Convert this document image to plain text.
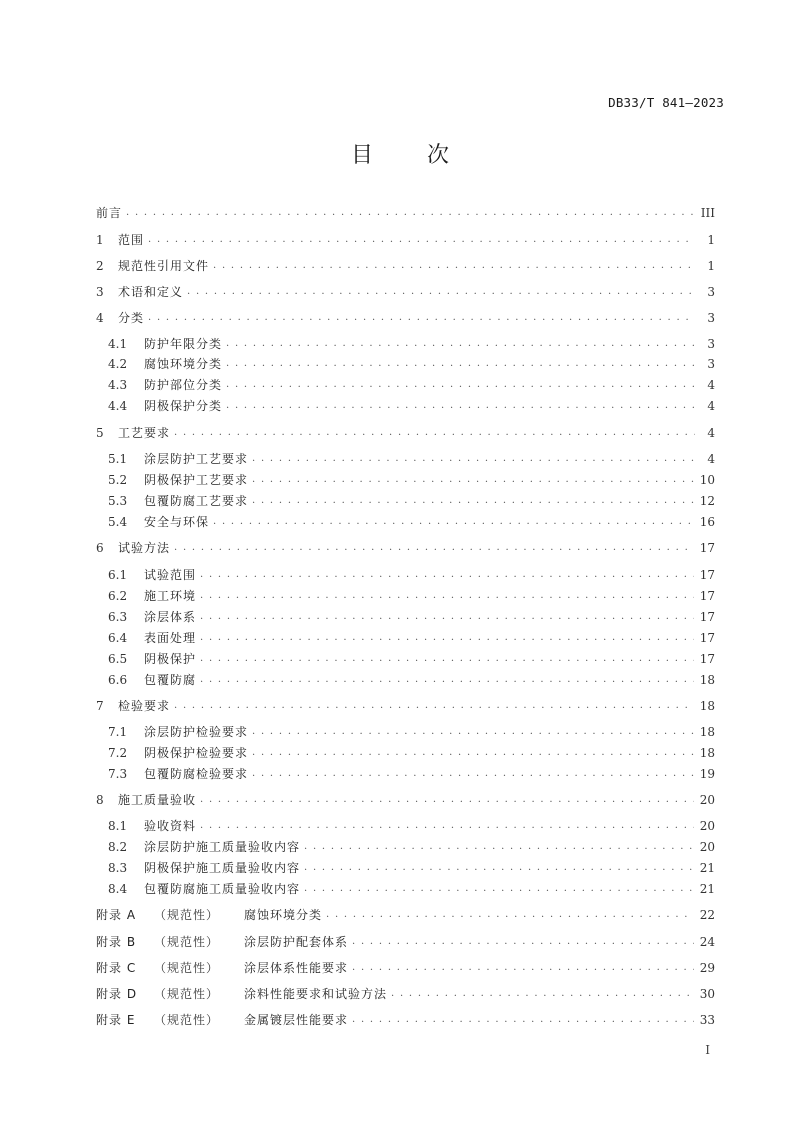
DB33/T 841—2023
目 次
前言 . . .	III
1	范围 . . .	1
2	规范性引用文件 . . .	1
3	术语和定义 . . .	3
4	分类 . . .	3
4.1	防护年限分类 . . .	3
4.2	腐蚀环境分类 . . .	3
4.3	防护部位分类 . . .	4
4.4	阴极保护分类 . . .	4
5	工艺要求 . . .	4
5.1	涂层防护工艺要求 . . .	4
5.2	阴极保护工艺要求 . . .	10
5.3	包覆防腐工艺要求 . . .	12
5.4	安全与环保 . . .	16
6	试验方法 . . .	17
6.1	试验范围 . . .	17
6.2	施工环境 . . .	17
6.3	涂层体系 . . .	17
6.4	表面处理 . . .	17
6.5	阴极保护 . . .	17
6.6	包覆防腐 . . .	18
7	检验要求 . . .	18
7.1	涂层防护检验要求 . . .	18
7.2	阴极保护检验要求 . . .	18
7.3	包覆防腐检验要求 . . .	19
8	施工质量验收 . . .	20
8.1	验收资料 . . .	20
8.2	涂层防护施工质量验收内容 . . .	20
8.3	阴极保护施工质量验收内容 . . .	21
8.4	包覆防腐施工质量验收内容 . . .	21
附录 A	（规范性）	腐蚀环境分类 . . .	22
附录 B	（规范性）	涂层防护配套体系 . . .	24
附录 C	（规范性）	涂层体系性能要求 . . .	29
附录 D	（规范性）	涂料性能要求和试验方法 . . .	30
附录 E	（规范性）	金属镀层性能要求 . . .	33
I
